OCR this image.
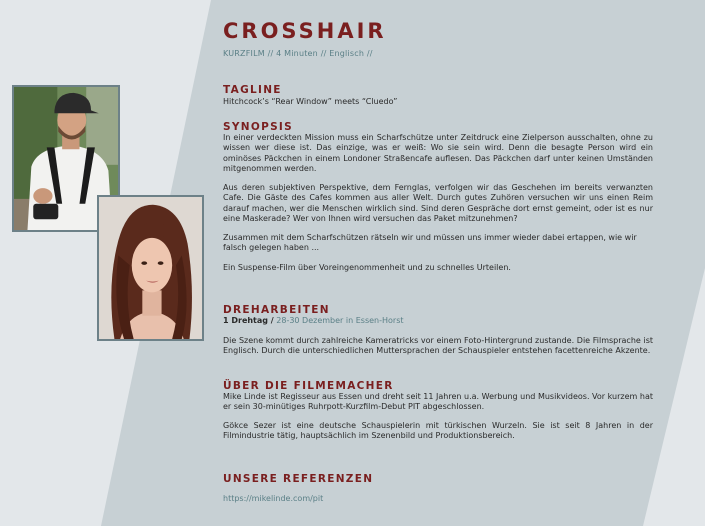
CROSSHAIR
KURZFILM // 4 Minuten // Englisch //
TAGLINE

Hitchcock’s “Rear Window” meets “Cluedo”

SYNOPSIS

In einer verdeckten Mission muss ein Scharfschütze unter Zeitdruck eine Zielperson ausschalten, ohne zu wissen wer diese ist. Das einzige, was er weiß: Wo sie sein wird. Denn die besagte Person wird ein ominöses Päckchen in einem Londoner Straßencafe auflesen. Das Päckchen darf unter keinen Umständen mitgenommen werden.

Aus deren subjektiven Perspektive, dem Fernglas, verfolgen wir das Geschehen im bereits verwanzten Cafe. Die Gäste des Cafes kommen aus aller Welt. Durch gutes Zuhören versuchen wir uns einen Reim darauf machen, wer die Menschen wirklich sind. Sind deren Gespräche dort ernst gemeint, oder ist es nur eine Maskerade? Wer von Ihnen wird versuchen das Paket mitzunehmen?

Zusammen mit dem Scharfschützen rätseln wir und müssen uns immer wieder dabei ertappen, wie wir falsch gelegen haben ...

Ein Suspense-Film über Voreingenommenheit und zu schnelles Urteilen.

DREHARBEITEN

1 Drehtag / 28-30 Dezember in Essen-Horst

Die Szene kommt durch zahlreiche Kameratricks vor einem Foto-Hintergrund zustande. Die Filmsprache ist Englisch. Durch die unterschiedlichen Muttersprachen der Schauspieler entstehen facettenreiche Akzente.

ÜBER DIE FILMEMACHER

Mike Linde ist Regisseur aus Essen und dreht seit 11 Jahren u.a. Werbung und Musikvideos. Vor kurzem hat er sein 30-minütiges Ruhrpott-Kurzfilm-Debut PIT abgeschlossen.

Gökce Sezer ist eine deutsche Schauspielerin mit türkischen Wurzeln. Sie ist seit 8 Jahren in der Filmindustrie tätig, hauptsächlich im Szenenbild und Produktionsbereich.

UNSERE REFERENZEN
https://mikelinde.com/pit
